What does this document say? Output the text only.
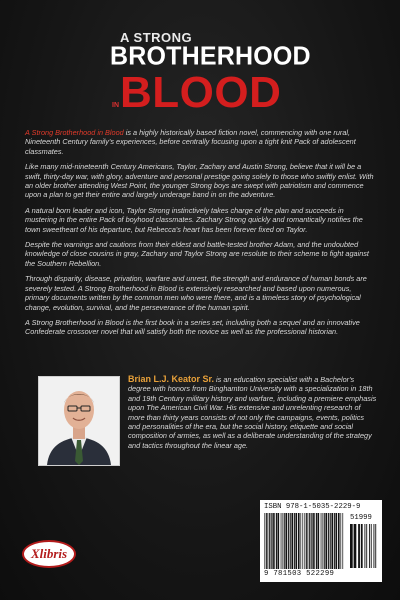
A STRONG
BROTHERHOOD
IN BLOOD

A Strong Brotherhood in Blood is a highly historically based fiction novel, commencing with one rural, Nineteenth Century family's experiences, before centrally focusing upon a tight knit Pack of adolescent classmates.

Like many mid-nineteenth Century Americans, Taylor, Zachary and Austin Strong, believe that it will be a swift, thirty-day war, with glory, adventure and personal prestige going solely to those who swiftly enlist. With an older brother attending West Point, the younger Strong boys are swept with patriotism and commence upon a plan to get their entire and largely underage band in on the adventure.

A natural born leader and icon, Taylor Strong instinctively takes charge of the plan and succeeds in mustering in the entire Pack of boyhood classmates. Zachary Strong quickly and romantically notifies the town sweetheart of his departure, but Rebecca's heart has been forever fixed on Taylor.

Despite the warnings and cautions from their eldest and battle-tested brother Adam, and the undoubted knowledge of close cousins in gray, Zachary and Taylor Strong are resolute to their scheme to fight against the Southern Rebellion.

Through disparity, disease, privation, warfare and unrest, the strength and endurance of human bonds are severely tested. A Strong Brotherhood in Blood is extensively researched and based upon numerous, primary documents written by the common men who were there, and is a timeless story of psychological change, evolution, survival, and the perseverance of the human spirit.

A Strong Brotherhood in Blood is the first book in a series set, including both a sequel and an innovative Confederate crossover novel that will satisfy both the novice as well as the professional historian.

Brian L.J. Keator Sr. is an education specialist with a Bachelor's degree with honors from Binghamton University with a specialization in 18th and 19th Century military history and warfare, including a premiere emphasis upon The American Civil War. His extensive and unrelenting research of more than thirty years consists of not only the campaigns, events, politics and personalities of the era, but the social history, etiquette and social composition of armies, as well as a deliberate understanding of the strategy and tactics throughout the linear age.

Xlibris
ISBN 978-1-5035-2229-9
51999
9 781503 522299
